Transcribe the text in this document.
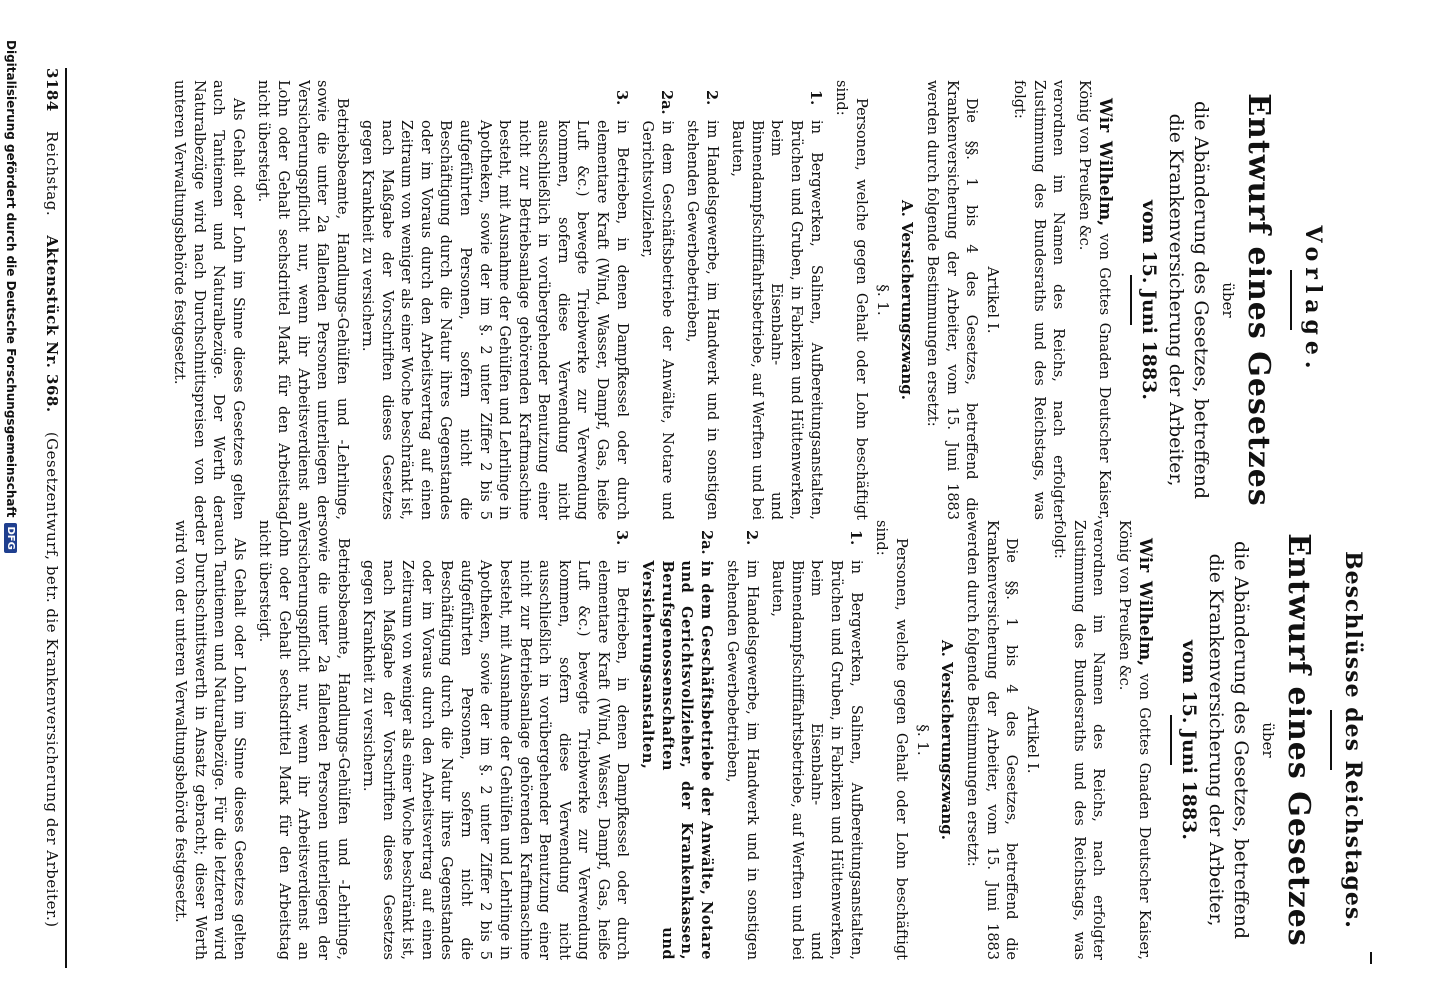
Vorlage.
Entwurf eines Gesetzes
über
die Abänderung des Gesetzes, betreffend die Krankenversicherung der Arbeiter,
vom 15. Juni 1883.

Wir Wilhelm, von Gottes Gnaden Deutscher Kaiser, König von Preußen &c.

verordnen im Namen des Reichs, nach erfolgter Zustimmung des Bundesraths und des Reichstags, was folgt:

Artikel I.

Die §§. 1 bis 4 des Gesetzes, betreffend die Krankenversicherung der Arbeiter, vom 15. Juni 1883 werden durch folgende Bestimmungen ersetzt:

A. Versicherungszwang.
§. 1.

Personen, welche gegen Gehalt oder Lohn beschäftigt sind:

1.
in Bergwerken, Salinen, Aufbereitungsanstalten, Brüchen und Gruben, in Fabriken und Hüttenwerken, beim Eisenbahn- und Binnendampfschifffahrtsbetriebe, auf Werften und bei Bauten,
2.
im Handelsgewerbe, im Handwerk und in sonstigen stehenden Gewerbebetrieben,
2a.
in dem Geschäftsbetriebe der Anwälte, Notare und Gerichtsvollzieher,
3.
in Betrieben, in denen Dampfkessel oder durch elementare Kraft (Wind, Wasser, Dampf, Gas, heiße Luft &c.) bewegte Triebwerke zur Verwendung kommen, sofern diese Verwendung nicht ausschließlich in vorübergehender Benutzung einer nicht zur Betriebsanlage gehörenden Kraftmaschine besteht, mit Ausnahme der Gehülfen und Lehrlinge in Apotheken, sowie der im §. 2 unter Ziffer 2 bis 5 aufgeführten Personen, sofern nicht die Beschäftigung durch die Natur ihres Gegenstandes oder im Voraus durch den Arbeitsvertrag auf einen Zeitraum von weniger als einer Woche beschränkt ist, nach Maßgabe der Vorschriften dieses Gesetzes gegen Krankheit zu versichern.

Betriebsbeamte, Handlungs-Gehülfen und -Lehrlinge, sowie die unter 2a fallenden Personen unterliegen der Versicherungspflicht nur, wenn ihr Arbeitsverdienst an Lohn oder Gehalt sechsdrittel Mark für den Arbeitstag nicht übersteigt.

Als Gehalt oder Lohn im Sinne dieses Gesetzes gelten auch Tantiemen und Naturalbezüge. Der Werth der Naturalbezüge wird nach Durchschnittspreisen von der unteren Verwaltungsbehörde festgesetzt.

Beschlüsse des Reichstages.
Entwurf eines Gesetzes
über
die Abänderung des Gesetzes, betreffend die Krankenversicherung der Arbeiter,
vom 15. Juni 1883.

Wir Wilhelm, von Gottes Gnaden Deutscher Kaiser, König von Preußen &c.

verordnen im Namen des Reichs, nach erfolgter Zustimmung des Bundesraths und des Reichstags, was folgt:

Artikel I.

Die §§. 1 bis 4 des Gesetzes, betreffend die Krankenversicherung der Arbeiter, vom 15. Juni 1883 werden durch folgende Bestimmungen ersetzt:

A. Versicherungszwang.
§. 1.

Personen, welche gegen Gehalt oder Lohn beschäftigt sind:

1.
in Bergwerken, Salinen, Aufbereitungsanstalten, Brüchen und Gruben, in Fabriken und Hüttenwerken, beim Eisenbahn- und Binnendampfschifffahrtsbetriebe, auf Werften und bei Bauten,
2.
im Handelsgewerbe, im Handwerk und in sonstigen stehenden Gewerbebetrieben,
2a.
in dem Geschäftsbetriebe der Anwälte, Notare und Gerichtsvollzieher, der Krankenkassen, Berufsgenossenschaften und Versicherungsanstalten,
3.
in Betrieben, in denen Dampfkessel oder durch elementare Kraft (Wind, Wasser, Dampf, Gas, heiße Luft &c.) bewegte Triebwerke zur Verwendung kommen, sofern diese Verwendung nicht ausschließlich in vorübergehender Benutzung einer nicht zur Betriebsanlage gehörenden Kraftmaschine besteht, mit Ausnahme der Gehülfen und Lehrlinge in Apotheken, sowie der im §. 2 unter Ziffer 2 bis 5 aufgeführten Personen, sofern nicht die Beschäftigung durch die Natur ihres Gegenstandes oder im Voraus durch den Arbeitsvertrag auf einen Zeitraum von weniger als einer Woche beschränkt ist, nach Maßgabe der Vorschriften dieses Gesetzes gegen Krankheit zu versichern.

Betriebsbeamte, Handlungs-Gehülfen und -Lehrlinge, sowie die unter 2a fallenden Personen unterliegen der Versicherungspflicht nur, wenn ihr Arbeitsverdienst an Lohn oder Gehalt sechsdrittel Mark für den Arbeitstag nicht übersteigt.

Als Gehalt oder Lohn im Sinne dieses Gesetzes gelten auch Tantiemen und Naturalbezüge. Für die letzteren wird der Durchschnittswerth in Ansatz gebracht; dieser Werth wird von der unteren Verwaltungsbehörde festgesetzt.

3184 Reichstag. Aktenstück Nr. 368. (Gesetzentwurf, betr. die Krankenversicherung der Arbeiter.)
Digitalisierung gefördert durch die Deutsche Forschungsgemeinschaft
DFG
